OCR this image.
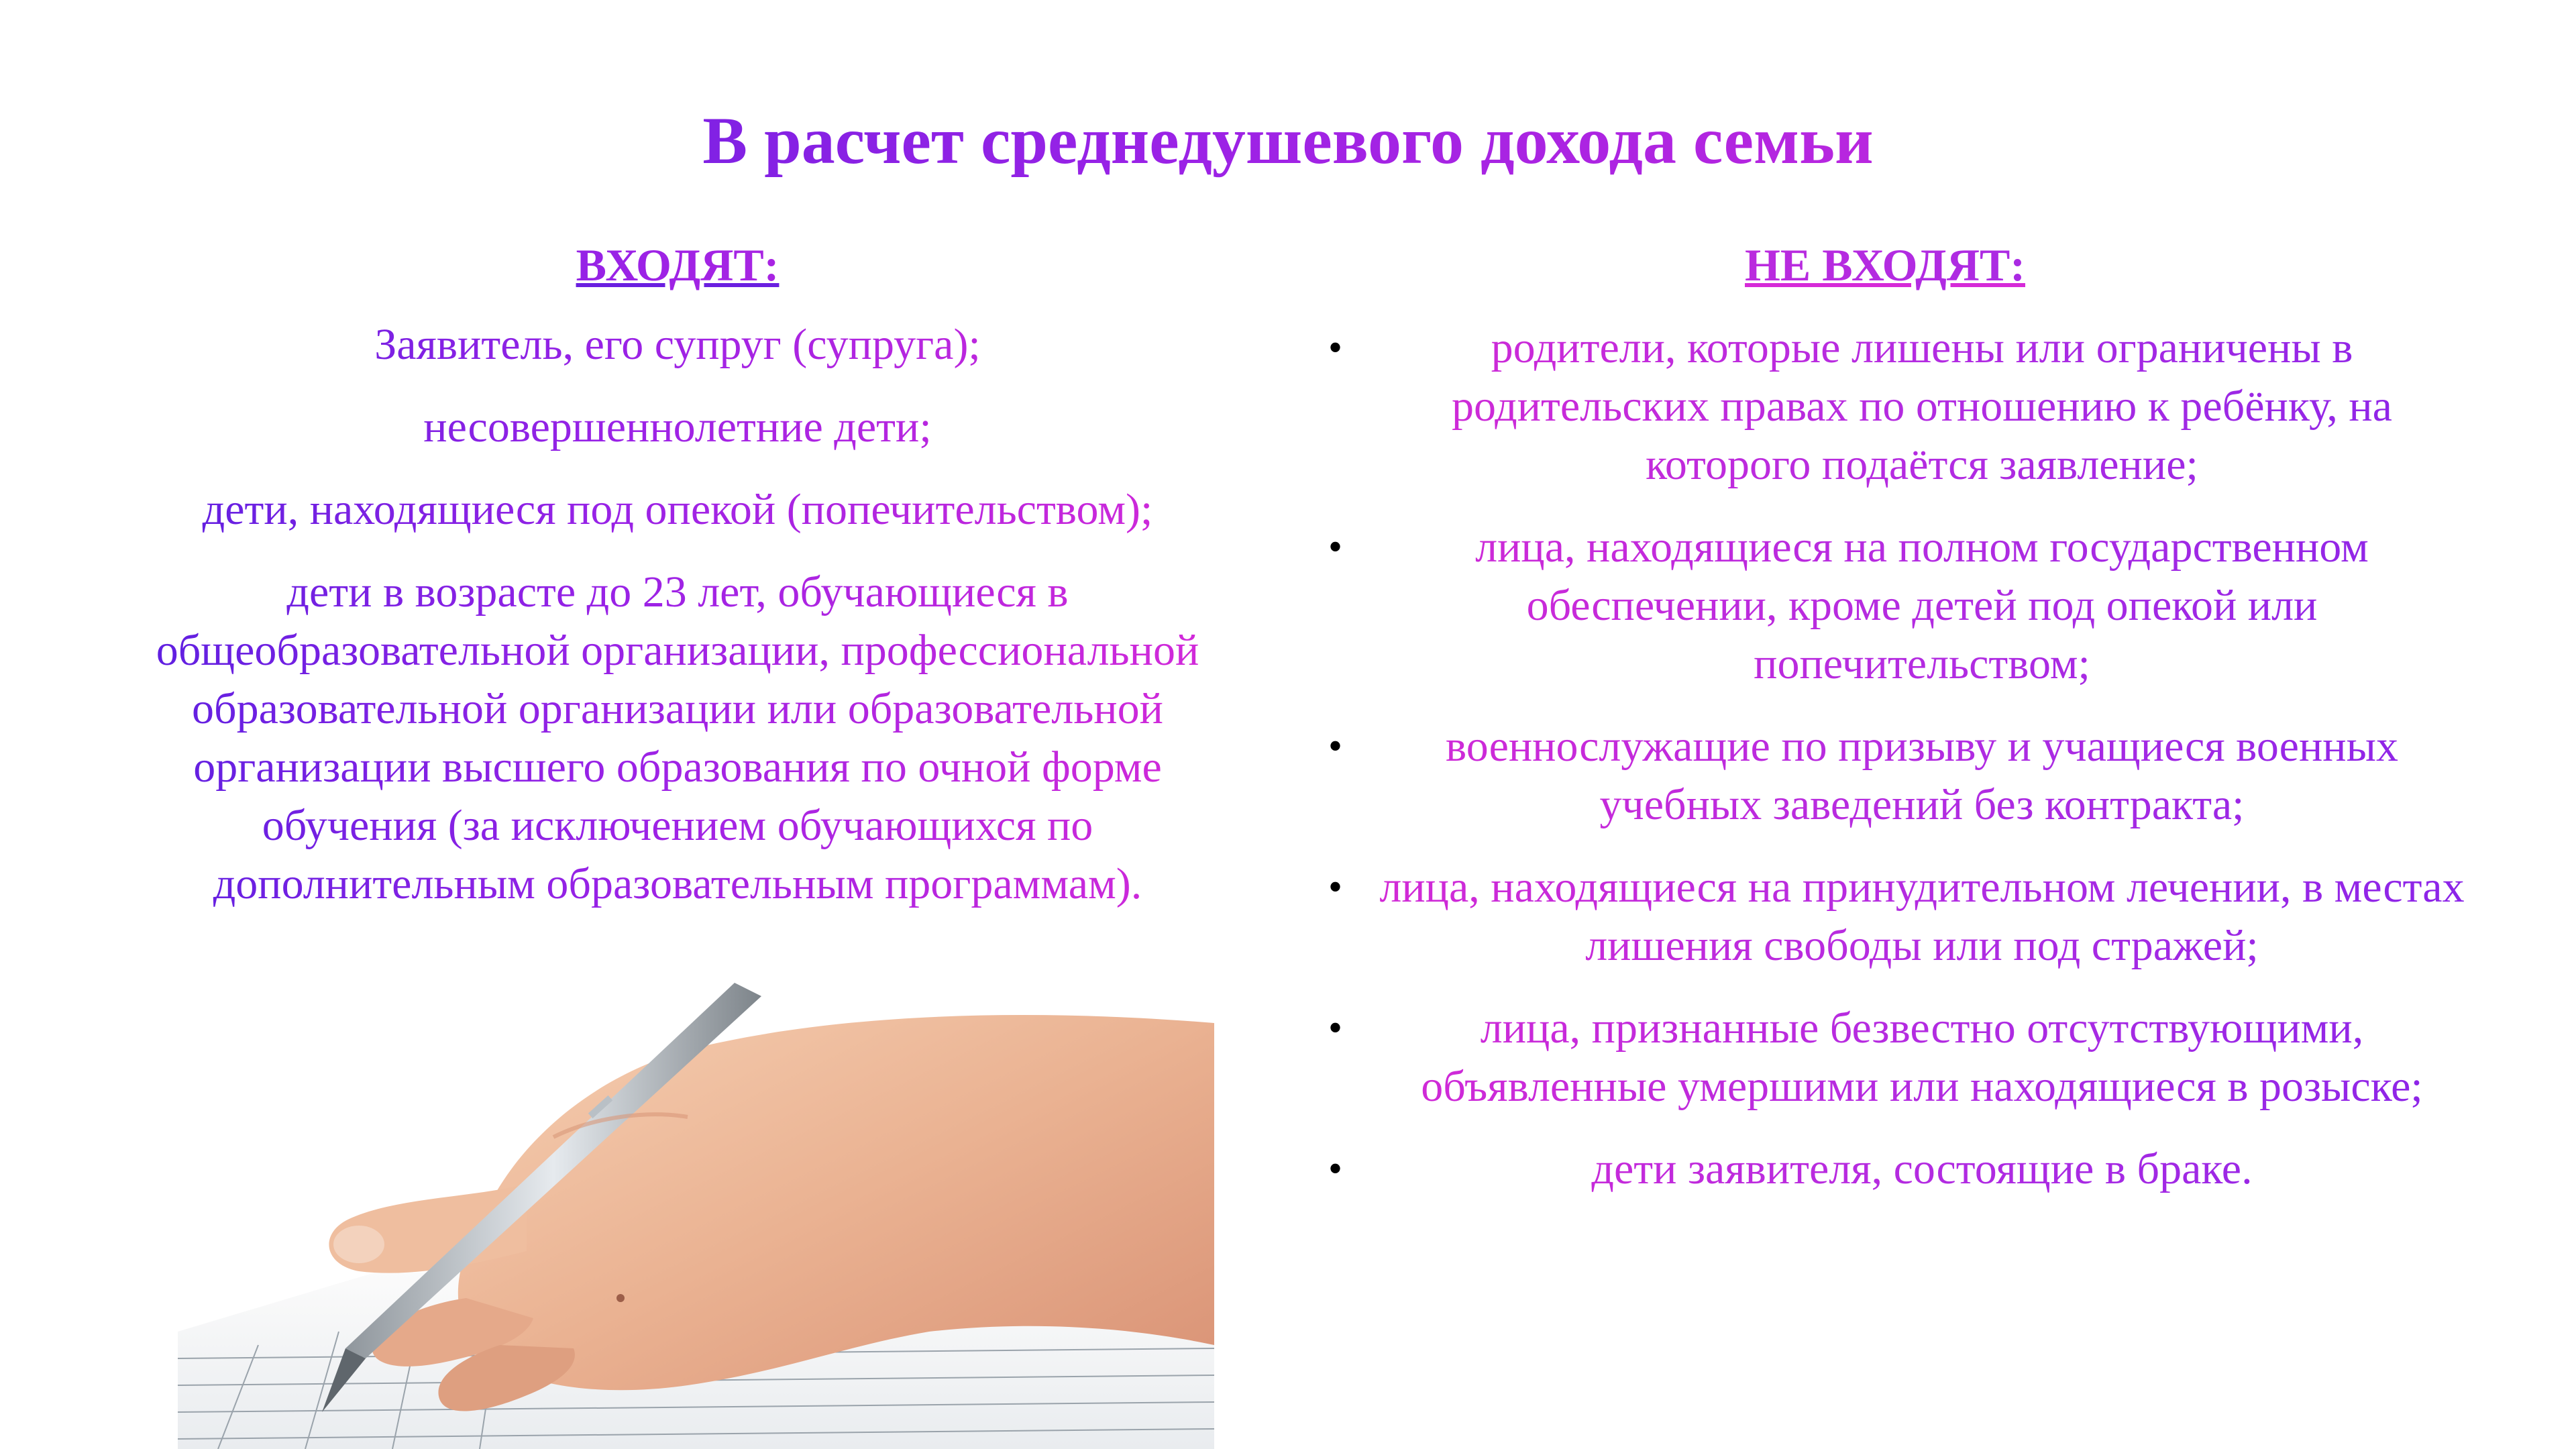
В расчет среднедушевого дохода семьи
ВХОДЯТ:	НЕ ВХОДЯТ:
Заявитель, его супруг (супруга);
несовершеннолетние дети;
дети, находящиеся под опекой (попечительством);
дети в возрасте до 23 лет, обучающиеся в общеобразовательной организации, профессиональной образовательной организации или образовательной организации высшего образования по очной форме обучения (за исключением обучающихся по дополнительным образовательным программам).
•	родители, которые лишены или ограничены в родительских правах по отношению к ребёнку, на которого подаётся заявление;
•	лица, находящиеся на полном государственном обеспечении, кроме детей под опекой или попечительством;
•	военнослужащие по призыву и учащиеся военных учебных заведений без контракта;
• лица, находящиеся на принудительном лечении, в местах лишения свободы или под стражей;
•	лица, признанные безвестно отсутствующими, объявленные умершими или находящиеся в розыске;
•	дети заявителя, состоящие в браке.
